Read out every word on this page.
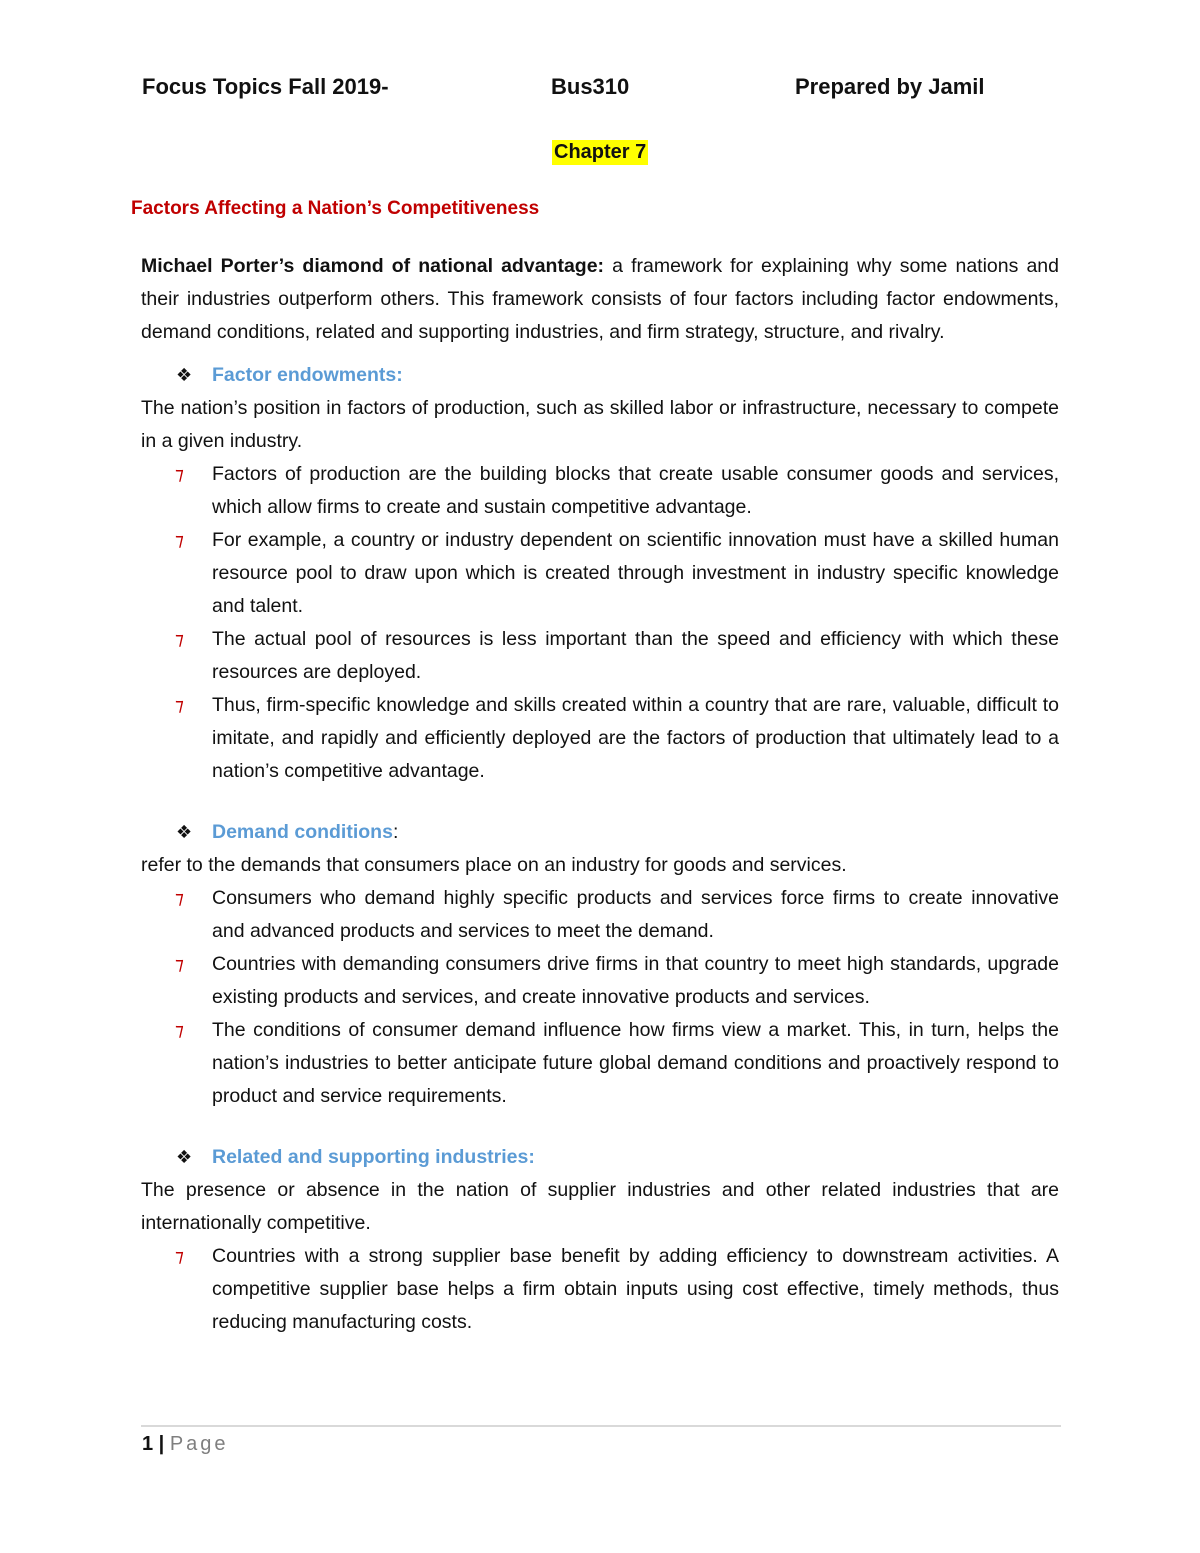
Focus Topics Fall 2019-	Bus310	Prepared by Jamil
Chapter 7
Factors Affecting a Nation’s Competitiveness

Michael Porter’s diamond of national advantage: a framework for explaining why some nations and their industries outperform others. This framework consists of four factors including factor endowments, demand conditions, related and supporting industries, and firm strategy, structure, and rivalry.

❖	Factor endowments:

The nation’s position in factors of production, such as skilled labor or infrastructure, necessary to compete in a given industry.

⁊ Factors of production are the building blocks that create usable consumer goods and services, which allow firms to create and sustain competitive advantage.
⁊ For example, a country or industry dependent on scientific innovation must have a skilled human resource pool to draw upon which is created through investment in industry specific knowledge and talent.
⁊ The actual pool of resources is less important than the speed and efficiency with which these resources are deployed.
⁊ Thus, firm-specific knowledge and skills created within a country that are rare, valuable, difficult to imitate, and rapidly and efficiently deployed are the factors of production that ultimately lead to a nation’s competitive advantage.
❖	Demand conditions:

refer to the demands that consumers place on an industry for goods and services.

⁊ Consumers who demand highly specific products and services force firms to create innovative and advanced products and services to meet the demand.
⁊ Countries with demanding consumers drive firms in that country to meet high standards, upgrade existing products and services, and create innovative products and services.
⁊ The conditions of consumer demand influence how firms view a market. This, in turn, helps the nation’s industries to better anticipate future global demand conditions and proactively respond to product and service requirements.
❖	Related and supporting industries:

The presence or absence in the nation of supplier industries and other related industries that are internationally competitive.

⁊ Countries with a strong supplier base benefit by adding efficiency to downstream activities. A competitive supplier base helps a firm obtain inputs using cost effective, timely methods, thus reducing manufacturing costs.
1 | Page
